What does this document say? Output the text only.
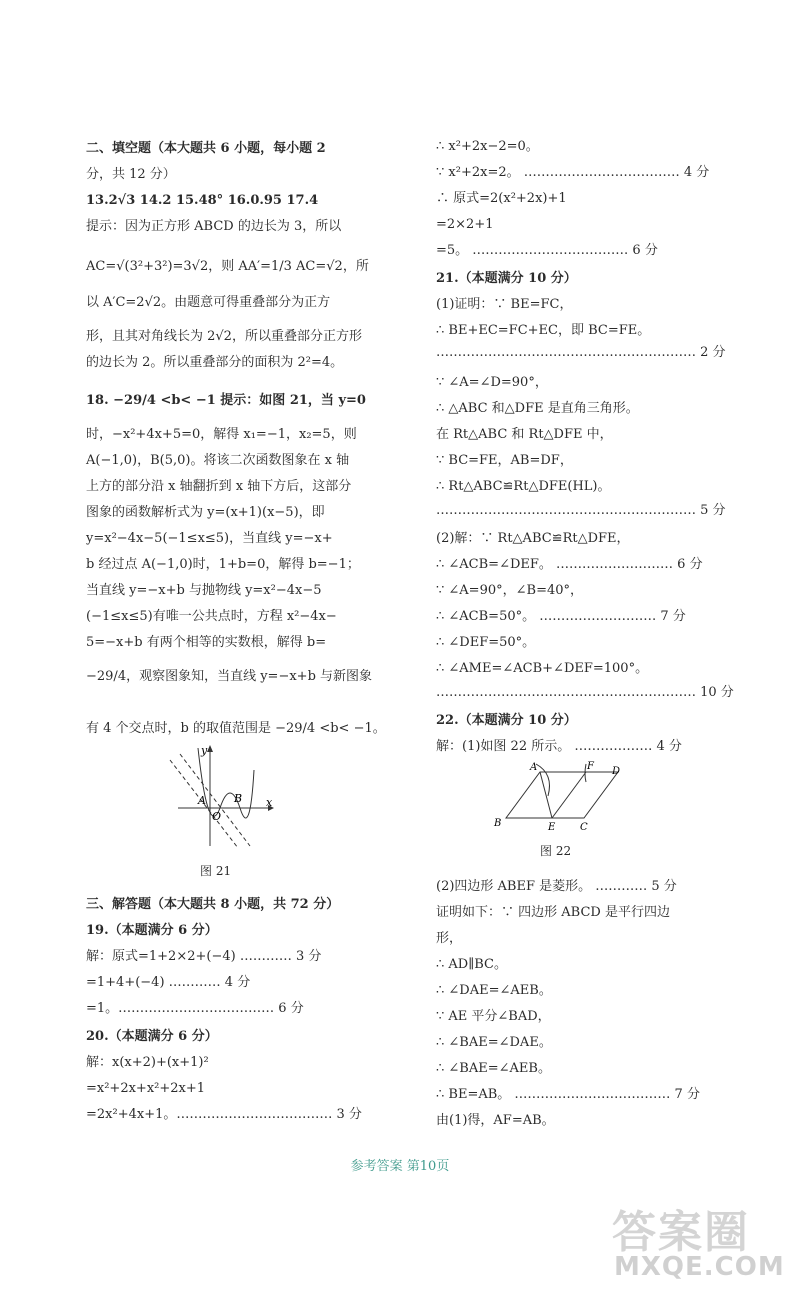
二、填空题（本大题共 6 小题，每小题 2
分，共 12 分）
13.2√3 14.2 15.48° 16.0.95 17.4
提示：因为正方形 ABCD 的边长为 3，所以
AC=√(3²+3²)=3√2，则 AA′=1/3 AC=√2，所
以 A′C=2√2。由题意可得重叠部分为正方
形，且其对角线长为 2√2，所以重叠部分正方形
的边长为 2。所以重叠部分的面积为 2²=4。
18. −29/4 <b< −1 提示：如图 21，当 y=0
时，−x²+4x+5=0，解得 x₁=−1，x₂=5，则
A(−1,0)，B(5,0)。将该二次函数图象在 x 轴
上方的部分沿 x 轴翻折到 x 轴下方后，这部分
图象的函数解析式为 y=(x+1)(x−5)，即
y=x²−4x−5(−1≤x≤5)，当直线 y=−x+
b 经过点 A(−1,0)时，1+b=0，解得 b=−1；
当直线 y=−x+b 与抛物线 y=x²−4x−5
(−1≤x≤5)有唯一公共点时，方程 x²−4x−
5=−x+b 有两个相等的实数根，解得 b=
−29/4，观察图象知，当直线 y=−x+b 与新图象
有 4 个交点时，b 的取值范围是 −29/4 <b< −1。
三、解答题（本大题共 8 小题，共 72 分）
19.（本题满分 6 分）
解：原式=1+2×2+(−4) ………… 3 分
=1+4+(−4) ………… 4 分
=1。……………………………… 6 分
20.（本题满分 6 分）
解：x(x+2)+(x+1)²
=x²+2x+x²+2x+1
=2x²+4x+1。……………………………… 3 分
∴ x²+2x−2=0。
∵ x²+2x=2。 ……………………………… 4 分
∴ 原式=2(x²+2x)+1
=2×2+1
=5。 ……………………………… 6 分
21.（本题满分 10 分）
(1)证明：∵ BE=FC，
∴ BE+EC=FC+EC，即 BC=FE。
…………………………………………………… 2 分
∵ ∠A=∠D=90°，
∴ △ABC 和△DFE 是直角三角形。
在 Rt△ABC 和 Rt△DFE 中，
∵ BC=FE，AB=DF，
∴ Rt△ABC≌Rt△DFE(HL)。
…………………………………………………… 5 分
(2)解：∵ Rt△ABC≌Rt△DFE，
∴ ∠ACB=∠DEF。 ……………………… 6 分
∵ ∠A=90°，∠B=40°，
∴ ∠ACB=50°。 ……………………… 7 分
∴ ∠DEF=50°。
∴ ∠AME=∠ACB+∠DEF=100°。
…………………………………………………… 10 分
22.（本题满分 10 分）
解：(1)如图 22 所示。 ……………… 4 分
(2)四边形 ABEF 是菱形。 ………… 5 分
证明如下：∵ 四边形 ABCD 是平行四边
形，
∴ AD∥BC。
∴ ∠DAE=∠AEB。
∵ AE 平分∠BAD，
∴ ∠BAE=∠DAE。
∴ ∠BAE=∠AEB。
∴ BE=AB。 ……………………………… 7 分
由(1)得，AF=AB。
y
x
A
O
B
图 21
A	F D
B	E C
图 22
参考答案 第10页
答案圈
MXQE.COM
